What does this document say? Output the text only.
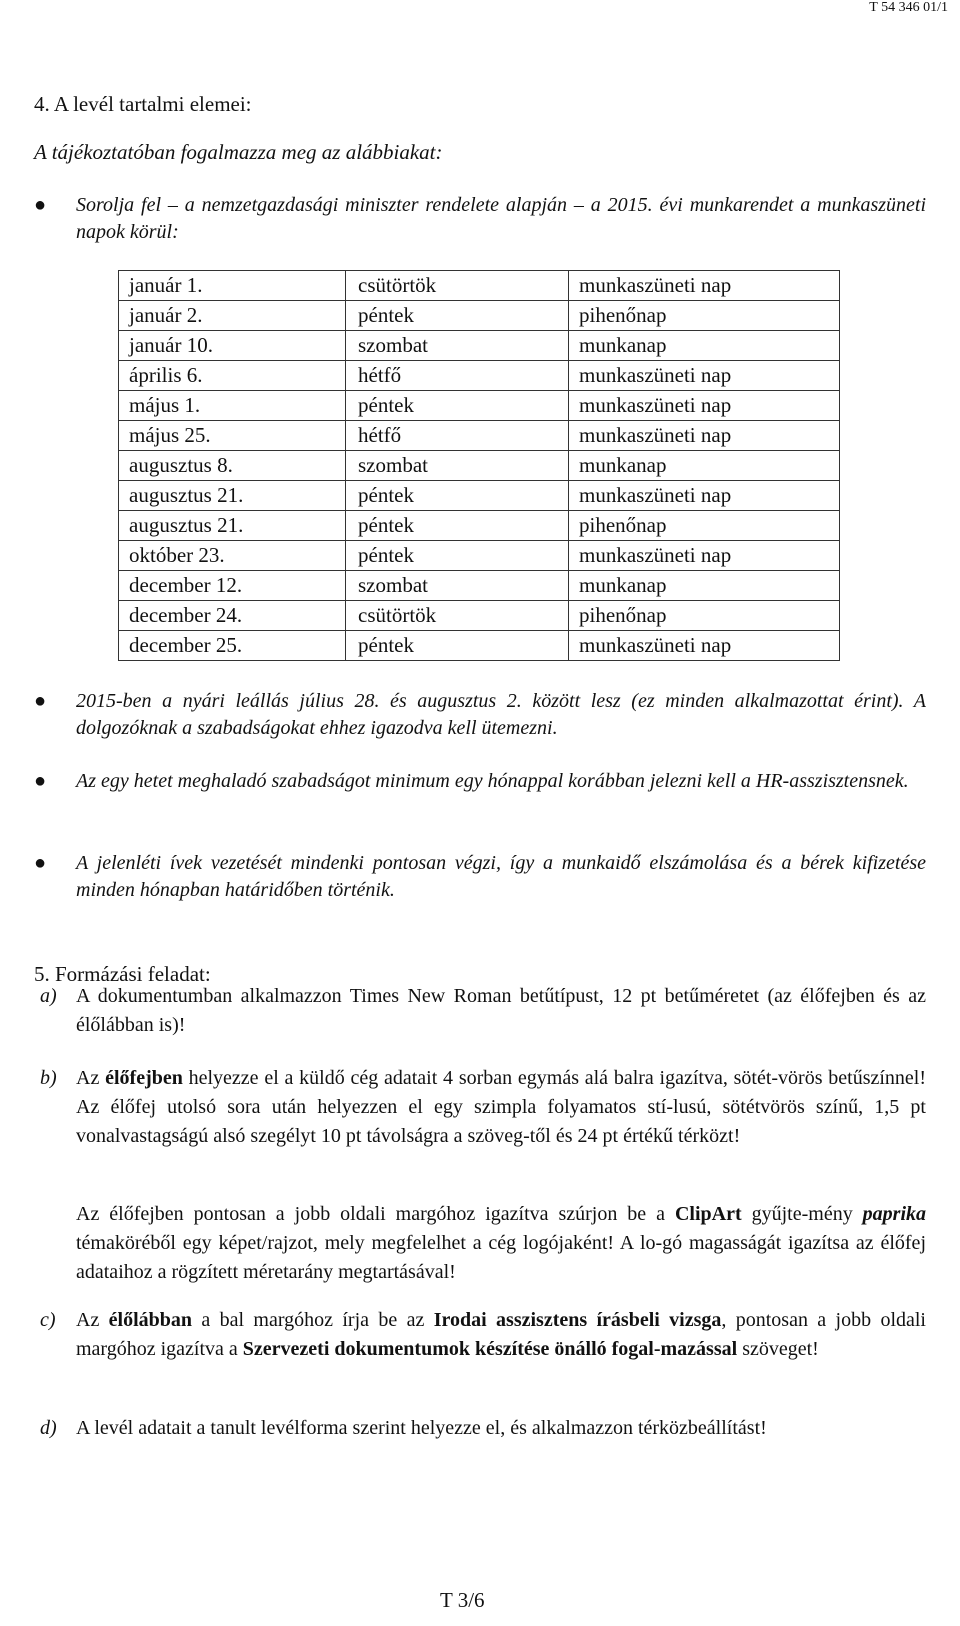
T 54 346 01/1
4. A levél tartalmi elemei:
A tájékoztatóban fogalmazza meg az alábbiakat:
● Sorolja fel – a nemzetgazdasági miniszter rendelete alapján – a 2015. évi munkarendet a munkaszüneti napok körül:
január 1.	csütörtök	munkaszüneti nap
január 2.	péntek	pihenőnap
január 10.	szombat	munkanap
április 6.	hétfő	munkaszüneti nap
május 1.	péntek	munkaszüneti nap
május 25.	hétfő	munkaszüneti nap
augusztus 8.	szombat	munkanap
augusztus 21.	péntek	munkaszüneti nap
augusztus 21.	péntek	pihenőnap
október 23.	péntek	munkaszüneti nap
december 12.	szombat	munkanap
december 24.	csütörtök	pihenőnap
december 25.	péntek	munkaszüneti nap
● 2015-ben a nyári leállás július 28. és augusztus 2. között lesz (ez minden alkalmazottat érint). A dolgozóknak a szabadságokat ehhez igazodva kell ütemezni.
● Az egy hetet meghaladó szabadságot minimum egy hónappal korábban jelezni kell a HR-asszisztensnek.
● A jelenléti ívek vezetését mindenki pontosan végzi, így a munkaidő elszámolása és a bérek kifizetése minden hónapban határidőben történik.
5. Formázási feladat:
a) A dokumentumban alkalmazzon Times New Roman betűtípust, 12 pt betűméretet (az élőfejben és az élőlábban is)!
b) Az élőfejben helyezze el a küldő cég adatait 4 sorban egymás alá balra igazítva, sötét-vörös betűszínnel! Az élőfej utolsó sora után helyezzen el egy szimpla folyamatos stí-lusú, sötétvörös színű, 1,5 pt vonalvastagságú alsó szegélyt 10 pt távolságra a szöveg-től és 24 pt értékű térközt!
Az élőfejben pontosan a jobb oldali margóhoz igazítva szúrjon be a ClipArt gyűjte-mény paprika témaköréből egy képet/rajzot, mely megfelelhet a cég logójaként! A lo-gó magasságát igazítsa az élőfej adataihoz a rögzített méretarány megtartásával!
c) Az élőlábban a bal margóhoz írja be az Irodai asszisztens írásbeli vizsga, pontosan a jobb oldali margóhoz igazítva a Szervezeti dokumentumok készítése önálló fogal-mazással szöveget!
d) A levél adatait a tanult levélforma szerint helyezze el, és alkalmazzon térközbeállítást!
T 3/6
